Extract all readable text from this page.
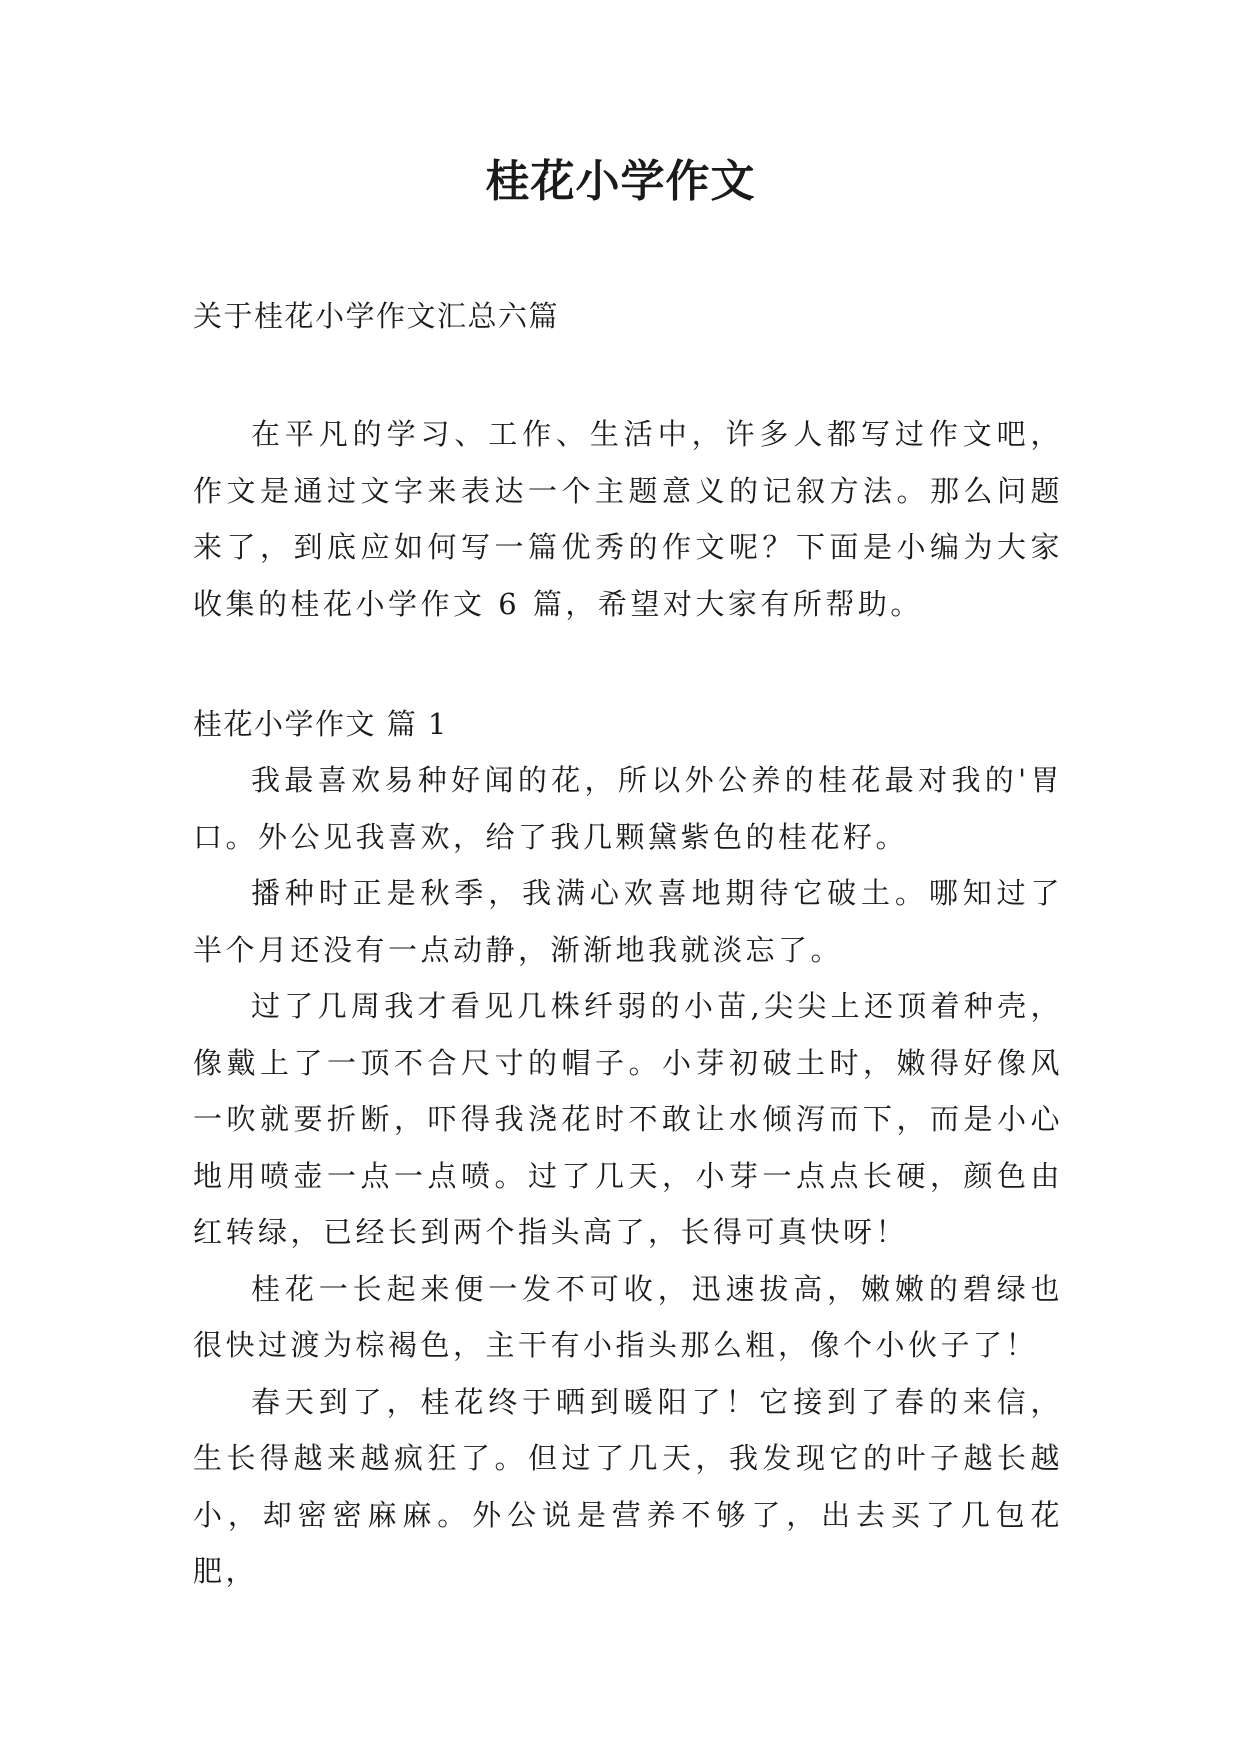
桂花小学作文
关于桂花小学作文汇总六篇

在平凡的学习、工作、生活中，许多人都写过作文吧，作文是通过文字来表达一个主题意义的记叙方法。那么问题来了，到底应如何写一篇优秀的作文呢？下面是小编为大家收集的桂花小学作文 6 篇，希望对大家有所帮助。

桂花小学作文 篇 1

我最喜欢易种好闻的花，所以外公养的桂花最对我的'胃口。外公见我喜欢，给了我几颗黛紫色的桂花籽。

播种时正是秋季，我满心欢喜地期待它破土。哪知过了半个月还没有一点动静，渐渐地我就淡忘了。

过了几周我才看见几株纤弱的小苗,尖尖上还顶着种壳，像戴上了一顶不合尺寸的帽子。小芽初破土时，嫩得好像风一吹就要折断，吓得我浇花时不敢让水倾泻而下，而是小心地用喷壶一点一点喷。过了几天，小芽一点点长硬，颜色由红转绿，已经长到两个指头高了，长得可真快呀！

桂花一长起来便一发不可收，迅速拔高，嫩嫩的碧绿也很快过渡为棕褐色，主干有小指头那么粗，像个小伙子了！

春天到了，桂花终于晒到暖阳了！它接到了春的来信，生长得越来越疯狂了。但过了几天，我发现它的叶子越长越小，却密密麻麻。外公说是营养不够了，出去买了几包花肥，
